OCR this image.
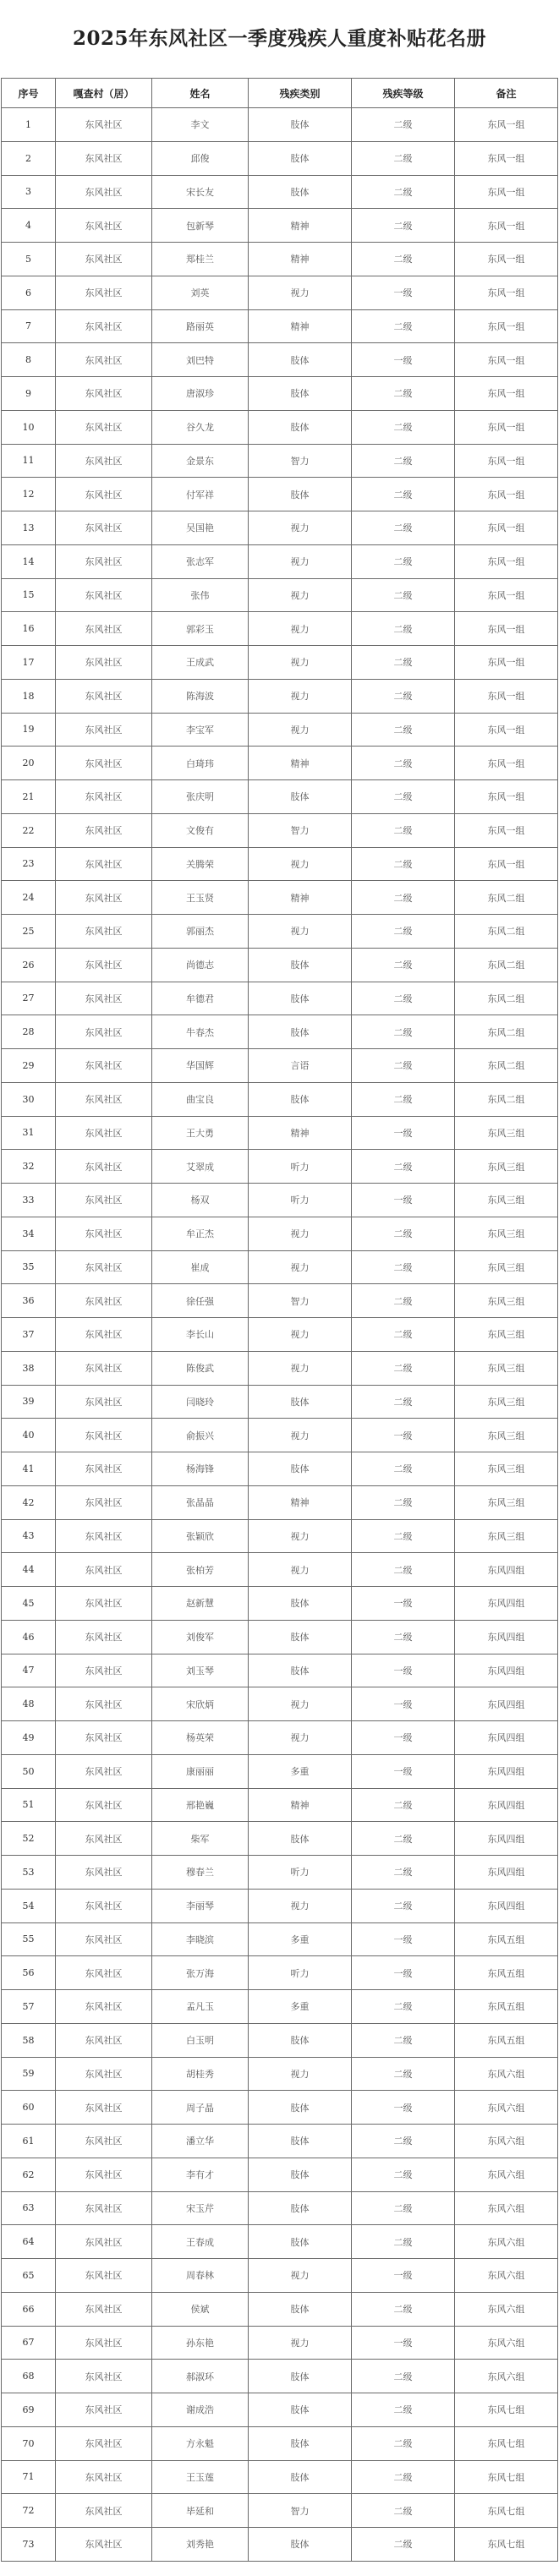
2025年东风社区一季度残疾人重度补贴花名册
序号	嘎查村（居）	姓名	残疾类别	残疾等级	备注
1	东风社区	李文	肢体	二级	东风一组
2	东风社区	邱俊	肢体	二级	东风一组
3	东风社区	宋长友	肢体	二级	东风一组
4	东风社区	包新琴	精神	二级	东风一组
5	东风社区	郑桂兰	精神	二级	东风一组
6	东风社区	刘英	视力	一级	东风一组
7	东风社区	路丽英	精神	二级	东风一组
8	东风社区	刘巴特	肢体	一级	东风一组
9	东风社区	唐淑珍	肢体	二级	东风一组
10	东风社区	谷久龙	肢体	二级	东风一组
11	东风社区	金景东	智力	二级	东风一组
12	东风社区	付军祥	肢体	二级	东风一组
13	东风社区	吴国艳	视力	二级	东风一组
14	东风社区	张志军	视力	二级	东风一组
15	东风社区	张伟	视力	二级	东风一组
16	东风社区	郭彩玉	视力	二级	东风一组
17	东风社区	王成武	视力	二级	东风一组
18	东风社区	陈海波	视力	二级	东风一组
19	东风社区	李宝军	视力	二级	东风一组
20	东风社区	白琦玮	精神	二级	东风一组
21	东风社区	张庆明	肢体	二级	东风一组
22	东风社区	文俊有	智力	二级	东风一组
23	东风社区	关腾荣	视力	二级	东风一组
24	东风社区	王玉贤	精神	二级	东风二组
25	东风社区	郭丽杰	视力	二级	东风二组
26	东风社区	尚德志	肢体	二级	东风二组
27	东风社区	牟德君	肢体	二级	东风二组
28	东风社区	牛春杰	肢体	二级	东风二组
29	东风社区	华国辉	言语	二级	东风二组
30	东风社区	曲宝良	肢体	二级	东风二组
31	东风社区	王大勇	精神	一级	东风三组
32	东风社区	艾翠成	听力	二级	东风三组
33	东风社区	杨双	听力	一级	东风三组
34	东风社区	牟正杰	视力	二级	东风三组
35	东风社区	崔成	视力	二级	东风三组
36	东风社区	徐任强	智力	二级	东风三组
37	东风社区	李长山	视力	二级	东风三组
38	东风社区	陈俊武	视力	二级	东风三组
39	东风社区	闫晓玲	肢体	二级	东风三组
40	东风社区	俞振兴	视力	一级	东风三组
41	东风社区	杨海锋	肢体	二级	东风三组
42	东风社区	张晶晶	精神	二级	东风三组
43	东风社区	张颖欣	视力	二级	东风三组
44	东风社区	张柏芳	视力	二级	东风四组
45	东风社区	赵新慧	肢体	一级	东风四组
46	东风社区	刘俊军	肢体	二级	东风四组
47	东风社区	刘玉琴	肢体	一级	东风四组
48	东风社区	宋欣炳	视力	一级	东风四组
49	东风社区	杨英荣	视力	一级	东风四组
50	东风社区	康丽丽	多重	一级	东风四组
51	东风社区	邢艳巍	精神	二级	东风四组
52	东风社区	柴军	肢体	二级	东风四组
53	东风社区	穆春兰	听力	二级	东风四组
54	东风社区	李丽琴	视力	二级	东风四组
55	东风社区	李晓滨	多重	一级	东风五组
56	东风社区	张万海	听力	一级	东风五组
57	东风社区	孟凡玉	多重	二级	东风五组
58	东风社区	白玉明	肢体	二级	东风五组
59	东风社区	胡桂秀	视力	二级	东风六组
60	东风社区	周子晶	肢体	一级	东风六组
61	东风社区	潘立华	肢体	二级	东风六组
62	东风社区	李有才	肢体	二级	东风六组
63	东风社区	宋玉芹	肢体	二级	东风六组
64	东风社区	王春成	肢体	二级	东风六组
65	东风社区	周春林	视力	一级	东风六组
66	东风社区	侯斌	肢体	二级	东风六组
67	东风社区	孙东艳	视力	一级	东风六组
68	东风社区	郝淑环	肢体	二级	东风六组
69	东风社区	谢成浩	肢体	二级	东风七组
70	东风社区	方永魁	肢体	二级	东风七组
71	东风社区	王玉莲	肢体	二级	东风七组
72	东风社区	毕延和	智力	二级	东风七组
73	东风社区	刘秀艳	肢体	二级	东风七组
